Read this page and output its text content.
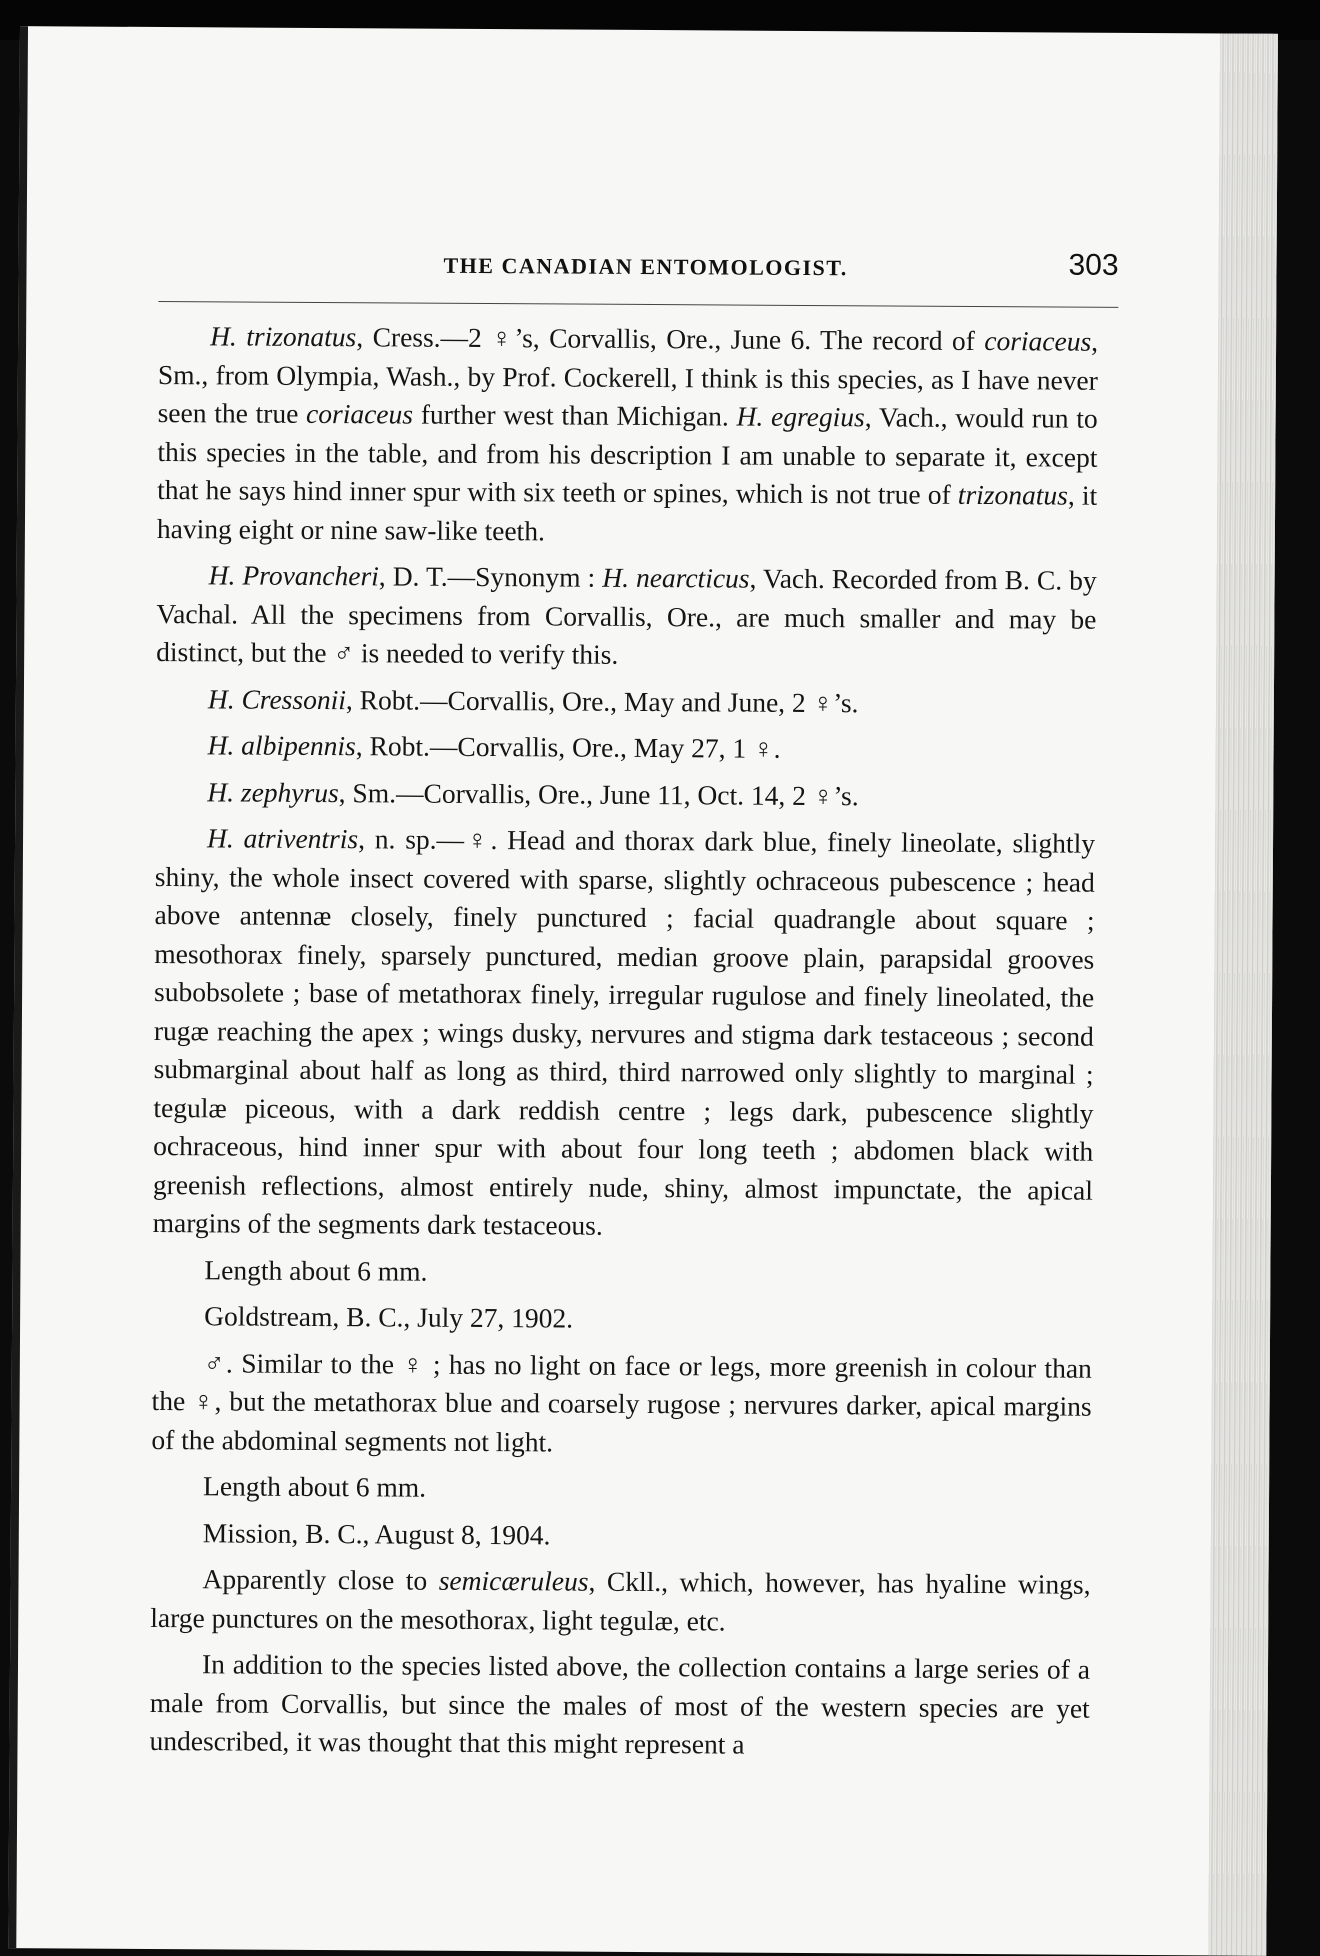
THE CANADIAN ENTOMOLOGIST.	303

H. trizonatus, Cress.—2 ♀’s, Corvallis, Ore., June 6. The record of coriaceus, Sm., from Olympia, Wash., by Prof. Cockerell, I think is this species, as I have never seen the true coriaceus further west than Michigan. H. egregius, Vach., would run to this species in the table, and from his description I am unable to separate it, except that he says hind inner spur with six teeth or spines, which is not true of trizonatus, it having eight or nine saw-like teeth.

H. Provancheri, D. T.—Synonym : H. nearcticus, Vach. Recorded from B. C. by Vachal. All the specimens from Corvallis, Ore., are much smaller and may be distinct, but the ♂ is needed to verify this.

H. Cressonii, Robt.—Corvallis, Ore., May and June, 2 ♀’s.

H. albipennis, Robt.—Corvallis, Ore., May 27, 1 ♀.

H. zephyrus, Sm.—Corvallis, Ore., June 11, Oct. 14, 2 ♀’s.

H. atriventris, n. sp.—♀. Head and thorax dark blue, finely lineolate, slightly shiny, the whole insect covered with sparse, slightly ochraceous pubescence ; head above antennæ closely, finely punctured ; facial quadrangle about square ; mesothorax finely, sparsely punctured, median groove plain, parapsidal grooves subobsolete ; base of metathorax finely, irregular rugulose and finely lineolated, the rugæ reaching the apex ; wings dusky, nervures and stigma dark testaceous ; second submarginal about half as long as third, third narrowed only slightly to marginal ; tegulæ piceous, with a dark reddish centre ; legs dark, pubescence slightly ochraceous, hind inner spur with about four long teeth ; abdomen black with greenish reflections, almost entirely nude, shiny, almost impunctate, the apical margins of the segments dark testaceous.

Length about 6 mm.

Goldstream, B. C., July 27, 1902.

♂. Similar to the ♀ ; has no light on face or legs, more greenish in colour than the ♀, but the metathorax blue and coarsely rugose ; nervures darker, apical margins of the abdominal segments not light.

Length about 6 mm.

Mission, B. C., August 8, 1904.

Apparently close to semicæruleus, Ckll., which, however, has hyaline wings, large punctures on the mesothorax, light tegulæ, etc.

In addition to the species listed above, the collection contains a large series of a male from Corvallis, but since the males of most of the western species are yet undescribed, it was thought that this might represent a
